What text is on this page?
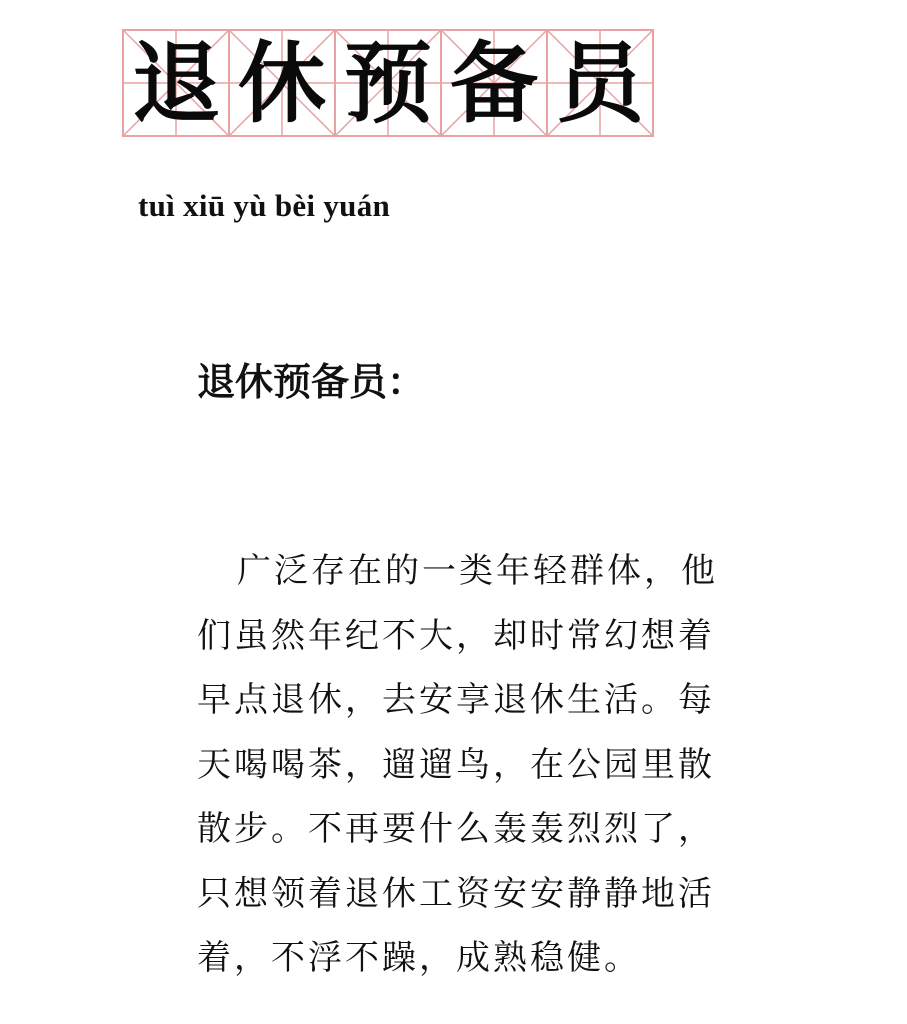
退 休 预 备 员
tuì xiū yù bèi yuán
退休预备员：

广泛存在的一类年轻群体，他们虽然年纪不大，却时常幻想着早点退休，去安享退休生活。每天喝喝茶，遛遛鸟，在公园里散散步。不再要什么轰轰烈烈了，只想领着退休工资安安静静地活着，不浮不躁，成熟稳健。
